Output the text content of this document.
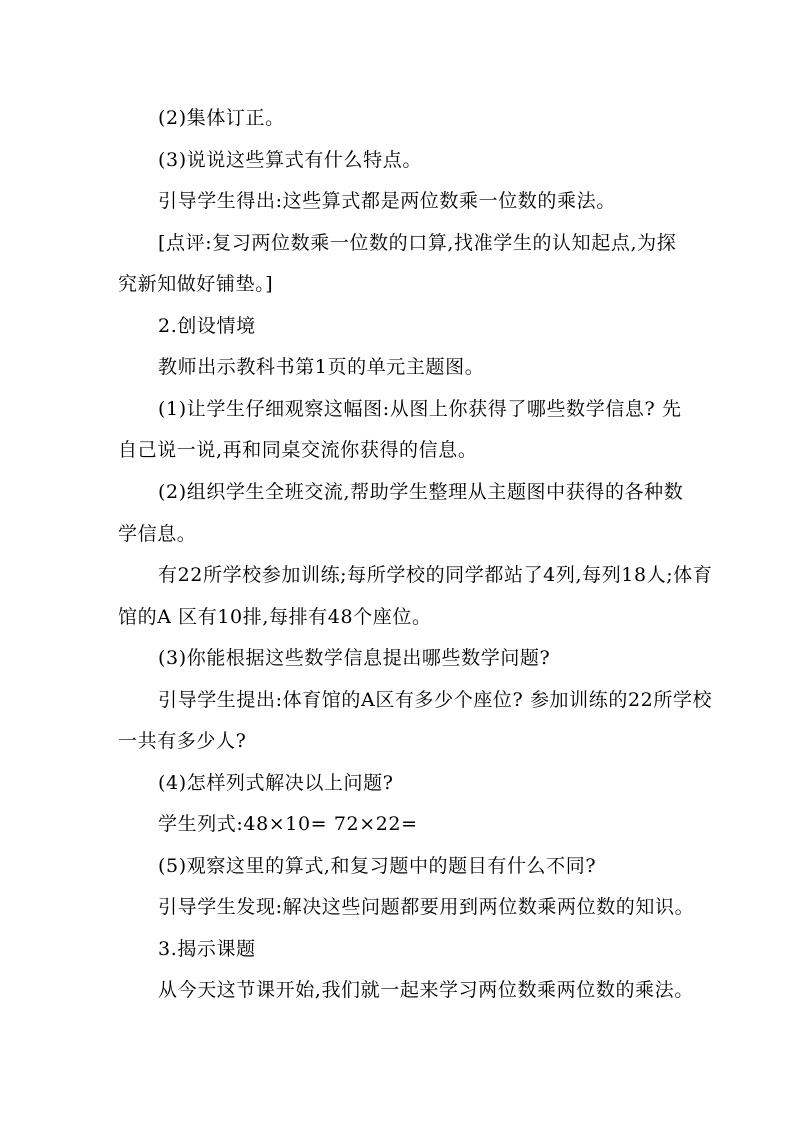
(2)集体订正。
(3)说说这些算式有什么特点。
引导学生得出:这些算式都是两位数乘一位数的乘法。
[点评:复习两位数乘一位数的口算,找准学生的认知起点,为探
究新知做好铺垫。]
2.创设情境
教师出示教科书第1页的单元主题图。
(1)让学生仔细观察这幅图:从图上你获得了哪些数学信息? 先
自己说一说,再和同桌交流你获得的信息。
(2)组织学生全班交流,帮助学生整理从主题图中获得的各种数
学信息。
有22所学校参加训练;每所学校的同学都站了4列,每列18人;体育
馆的A 区有10排,每排有48个座位。
(3)你能根据这些数学信息提出哪些数学问题?
引导学生提出:体育馆的A区有多少个座位? 参加训练的22所学校
一共有多少人?
(4)怎样列式解决以上问题?
学生列式:48×10= 72×22=
(5)观察这里的算式,和复习题中的题目有什么不同?
引导学生发现:解决这些问题都要用到两位数乘两位数的知识。
3.揭示课题
从今天这节课开始,我们就一起来学习两位数乘两位数的乘法。
